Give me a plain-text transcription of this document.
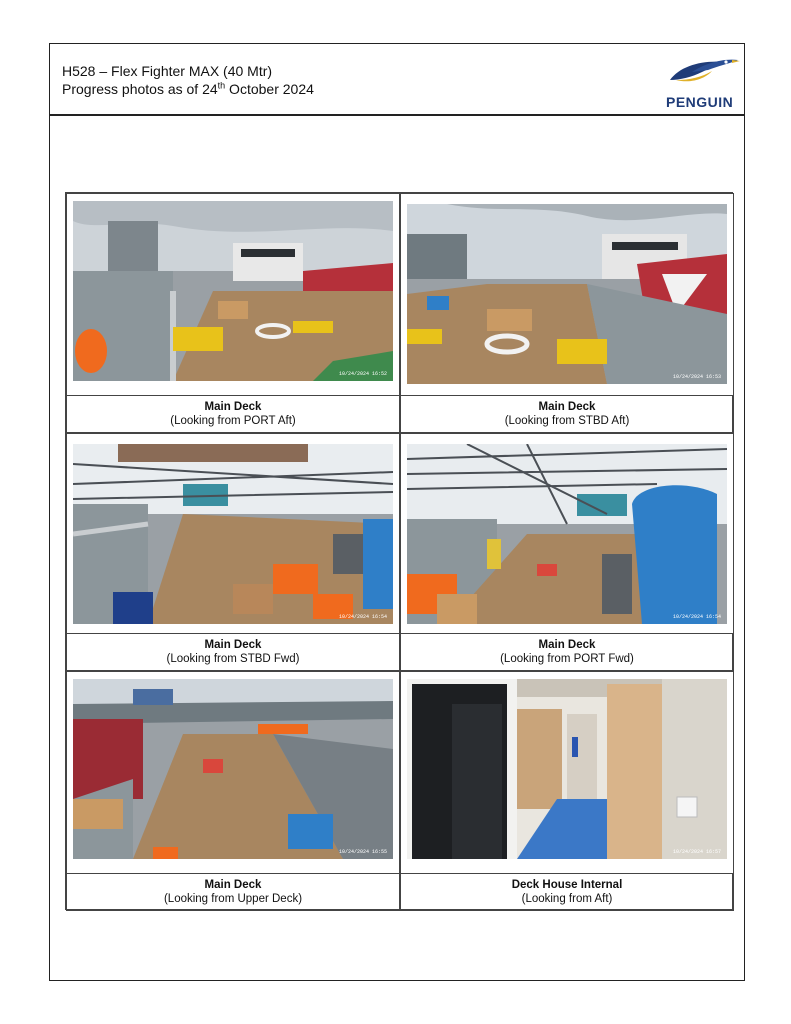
H528 – Flex Fighter MAX (40 Mtr)
Progress photos as of 24th October 2024
PENGUIN
10/24/2024 16:52	10/24/2024 16:53
Main Deck
(Looking from PORT Aft)
Main Deck
(Looking from STBD Aft)
10/24/2024 16:54	10/24/2024 16:54
Main Deck
(Looking from STBD Fwd)
Main Deck
(Looking from PORT Fwd)
10/24/2024 16:55	10/24/2024 16:57
Main Deck
(Looking from Upper Deck)
Deck House Internal
(Looking from Aft)
